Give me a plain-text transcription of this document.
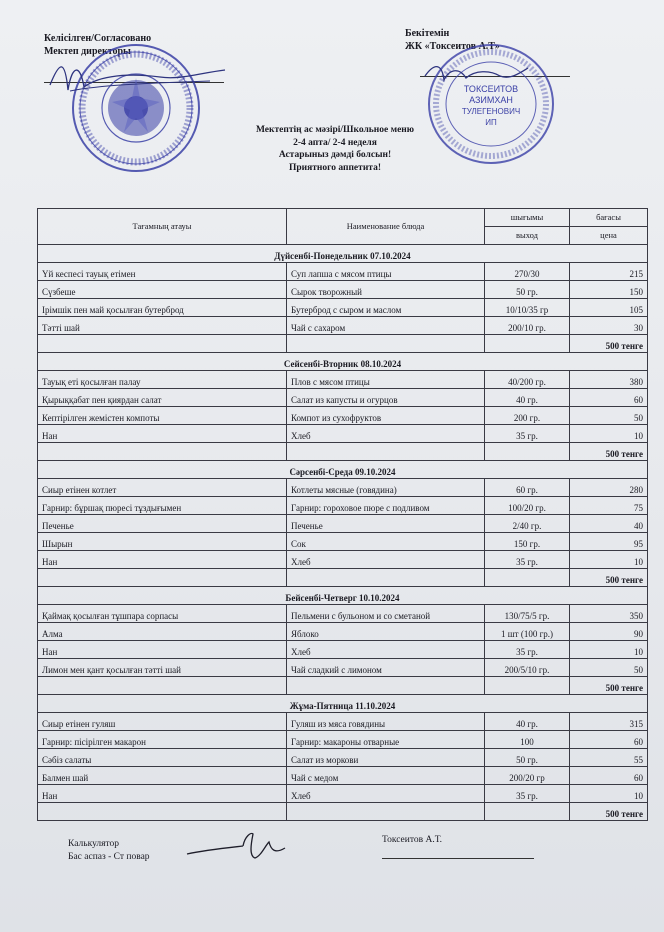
Келісілген/Согласовано
Мектеп директоры
Бекітемін
ЖК «Токсеитов А.Т»
ТОКСЕИТОВ
АЗИМХАН
ТУЛЕГЕНОВИЧ
ИП
Мектептің ас мәзірі/Школьное меню
2-4 апта/ 2-4 неделя
Астарыныз дәмді болсын!
Приятного аппетита!
Тағамның атауы	Наименование блюда	шығымы	бағасы
		выход	цена
Дүйсенбі-Понедельник 07.10.2024			
Үй кеспесі тауық етімен	Суп лапша с мясом птицы	270/30	215
Сүзбеше	Сырок творожный	50 гр.	150
Ірімшік пен май қосылған бутерброд	Бутерброд с сыром и маслом	10/10/35 гр	105
Тәтті шай	Чай с сахаром	200/10 гр.	30
			500 тенге
Сейсенбі-Вторник 08.10.2024			
Тауық еті қосылған палау	Плов с мясом птицы	40/200 гр.	380
Қырыққабат пен қиярдан салат	Салат из капусты и огурцов	40 гр.	60
Кептірілген жемістен компоты	Компот из сухофруктов	200 гр.	50
Нан	Хлеб	35 гр.	10
			500 тенге
Сәрсенбі-Среда 09.10.2024			
Сиыр етінен котлет	Котлеты мясные (говядина)	60 гр.	280
Гарнир: бұршақ пюресі тұздығымен	Гарнир: гороховое пюре с подливом	100/20 гр.	75
Печенье	Печенье	2/40 гр.	40
Шырын	Сок	150 гр.	95
Нан	Хлеб	35 гр.	10
			500 тенге
Бейсенбі-Четверг 10.10.2024			
Қаймақ қосылған тұшпара сорпасы	Пельмени с бульоном и со сметаной	130/75/5 гр.	350
Алма	Яблоко	1 шт (100 гр.)	90
Нан	Хлеб	35 гр.	10
Лимон мен қант қосылған тәтті шай	Чай сладкий с лимоном	200/5/10 гр.	50
			500 тенге
Жұма-Пятница 11.10.2024			
Сиыр етінен гуляш	Гуляш из мяса говядины	40 гр.	315
Гарнир: пісірілген макарон	Гарнир: макароны отварные	100	60
Сәбіз салаты	Салат из моркови	50 гр.	55
Балмен шай	Чай с медом	200/20 гр	60
Нан	Хлеб	35 гр.	10
			500 тенге
Калькулятор
Бас аспаз - Ст повар
Токсеитов А.Т.
